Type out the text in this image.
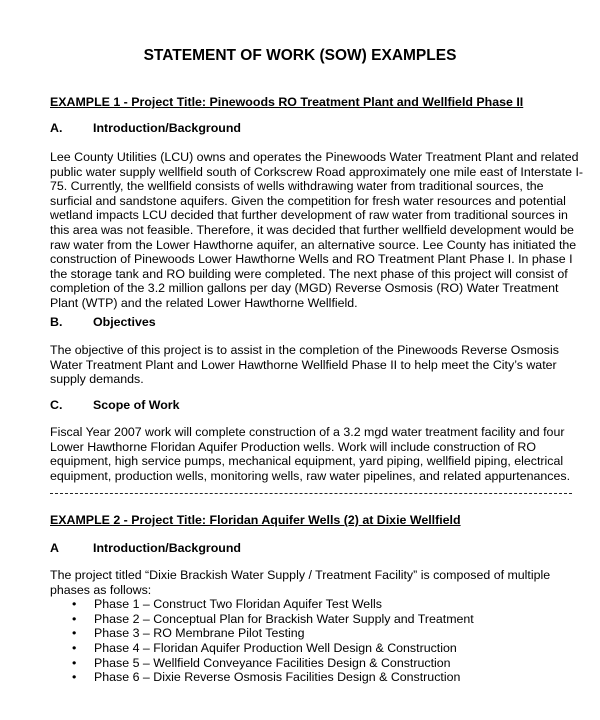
STATEMENT OF WORK (SOW) EXAMPLES

EXAMPLE 1 - Project Title: Pinewoods RO Treatment Plant and Wellfield Phase II

A. Introduction/Background

Lee County Utilities (LCU) owns and operates the Pinewoods Water Treatment Plant and related
public water supply wellfield south of Corkscrew Road approximately one mile east of Interstate I-
75. Currently, the wellfield consists of wells withdrawing water from traditional sources, the
surficial and sandstone aquifers. Given the competition for fresh water resources and potential
wetland impacts LCU decided that further development of raw water from traditional sources in
this area was not feasible. Therefore, it was decided that further wellfield development would be
raw water from the Lower Hawthorne aquifer, an alternative source. Lee County has initiated the
construction of Pinewoods Lower Hawthorne Wells and RO Treatment Plant Phase I. In phase I
the storage tank and RO building were completed. The next phase of this project will consist of
completion of the 3.2 million gallons per day (MGD) Reverse Osmosis (RO) Water Treatment
Plant (WTP) and the related Lower Hawthorne Wellfield.

B. Objectives

The objective of this project is to assist in the completion of the Pinewoods Reverse Osmosis
Water Treatment Plant and Lower Hawthorne Wellfield Phase II to help meet the City’s water
supply demands.

C. Scope of Work

Fiscal Year 2007 work will complete construction of a 3.2 mgd water treatment facility and four
Lower Hawthorne Floridan Aquifer Production wells. Work will include construction of RO
equipment, high service pumps, mechanical equipment, yard piping, wellfield piping, electrical
equipment, production wells, monitoring wells, raw water pipelines, and related appurtenances.

EXAMPLE 2 - Project Title: Floridan Aquifer Wells (2) at Dixie Wellfield

A	Introduction/Background

The project titled “Dixie Brackish Water Supply / Treatment Facility” is composed of multiple
phases as follows:
• Phase 1 – Construct Two Floridan Aquifer Test Wells
• Phase 2 – Conceptual Plan for Brackish Water Supply and Treatment
• Phase 3 – RO Membrane Pilot Testing
• Phase 4 – Floridan Aquifer Production Well Design & Construction
• Phase 5 – Wellfield Conveyance Facilities Design & Construction
• Phase 6 – Dixie Reverse Osmosis Facilities Design & Construction
